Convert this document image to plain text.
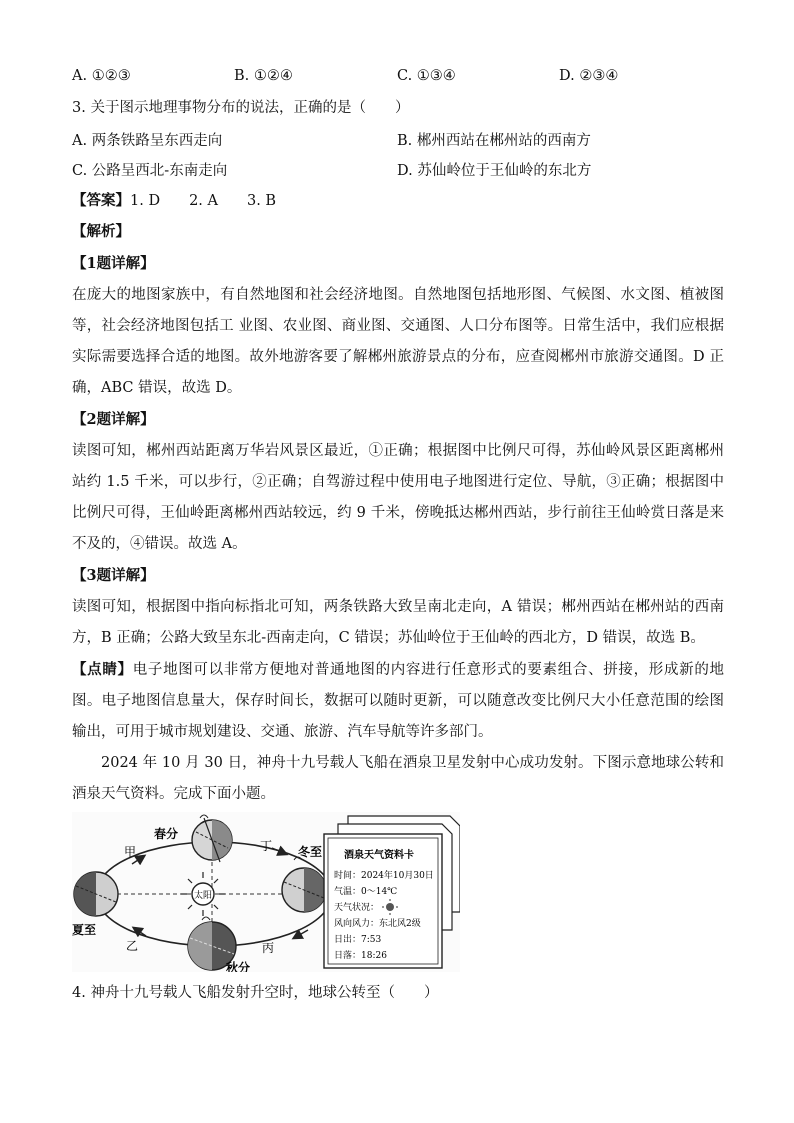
A. ①②③	B. ①②④	C. ①③④	D. ②③④
3. 关于图示地理事物分布的说法，正确的是（　　）
A. 两条铁路呈东西走向	B. 郴州西站在郴州站的西南方
C. 公路呈西北-东南走向	D. 苏仙岭位于王仙岭的东北方
【答案】1. D　　2. A　　3. B
【解析】
【1题详解】
在庞大的地图家族中，有自然地图和社会经济地图。自然地图包括地形图、气候图、水文图、植被图等，社会经济地图包括工 业图、农业图、商业图、交通图、人口分布图等。日常生活中，我们应根据实际需要选择合适的地图。故外地游客要了解郴州旅游景点的分布，应查阅郴州市旅游交通图。D 正确，ABC 错误，故选 D。
【2题详解】
读图可知，郴州西站距离万华岩风景区最近，①正确；根据图中比例尺可得，苏仙岭风景区距离郴州站约 1.5 千米，可以步行，②正确；自驾游过程中使用电子地图进行定位、导航，③正确；根据图中比例尺可得，王仙岭距离郴州西站较远，约 9 千米，傍晚抵达郴州西站，步行前往王仙岭赏日落是来不及的，④错误。故选 A。
【3题详解】
读图可知，根据图中指向标指北可知，两条铁路大致呈南北走向，A 错误；郴州西站在郴州站的西南方，B 正确；公路大致呈东北-西南走向，C 错误；苏仙岭位于王仙岭的西北方，D 错误，故选 B。
【点睛】电子地图可以非常方便地对普通地图的内容进行任意形式的要素组合、拼接，形成新的地图。电子地图信息量大，保存时间长，数据可以随时更新，可以随意改变比例尺大小任意范围的绘图输出，可用于城市规划建设、交通、旅游、汽车导航等许多部门。
2024 年 10 月 30 日，神舟十九号载人飞船在酒泉卫星发射中心成功发射。下图示意地球公转和酒泉天气资料。完成下面小题。
春分
夏至
秋分
冬至
太阳
甲
乙	丙
丁
酒泉天气资料卡
时间：2024年10月30日
气温：0～14℃
天气状况：
风向风力：东北风2级
日出：7:53
日落：18:26
4. 神舟十九号载人飞船发射升空时，地球公转至（　　）
